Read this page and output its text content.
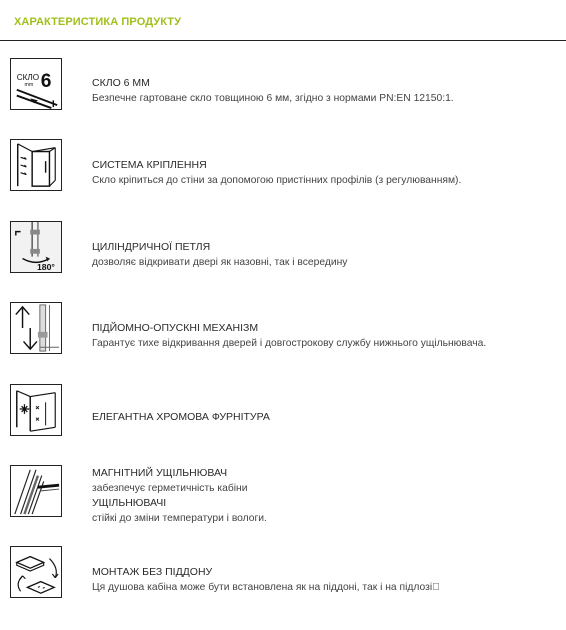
ХАРАКТЕРИСТИКА ПРОДУКТУ
СКЛО
mm 6	СКЛО 6 ММ
Безпечне гартоване скло товщиною 6 мм, згідно з нормами PN:EN 12150:1.
СИСТЕМА КРІПЛЕННЯ
Скло кріпиться до стіни за допомогою пристінних профілів (з регулюванням).
180°
ЦИЛІНДРИЧНОЇ ПЕТЛЯ
дозволяє відкривати двері як назовні, так і всередину
ПІДЙОМНО-ОПУСКНІ МЕХАНІЗМ
Гарантує тихе відкривання дверей і довгострокову службу нижнього ущільнювача.
ЕЛЕГАНТНА ХРОМОВА ФУРНІТУРА
МАГНІТНИЙ УЩІЛЬНЮВАЧ
забезпечує герметичність кабіни
УЩІЛЬНЮВАЧІ
стійкі до зміни температури і вологи.
МОНТАЖ БЕЗ ПІДДОНУ
Ця душова кабіна може бути встановлена як на піддоні, так і на підлозі􀀀
